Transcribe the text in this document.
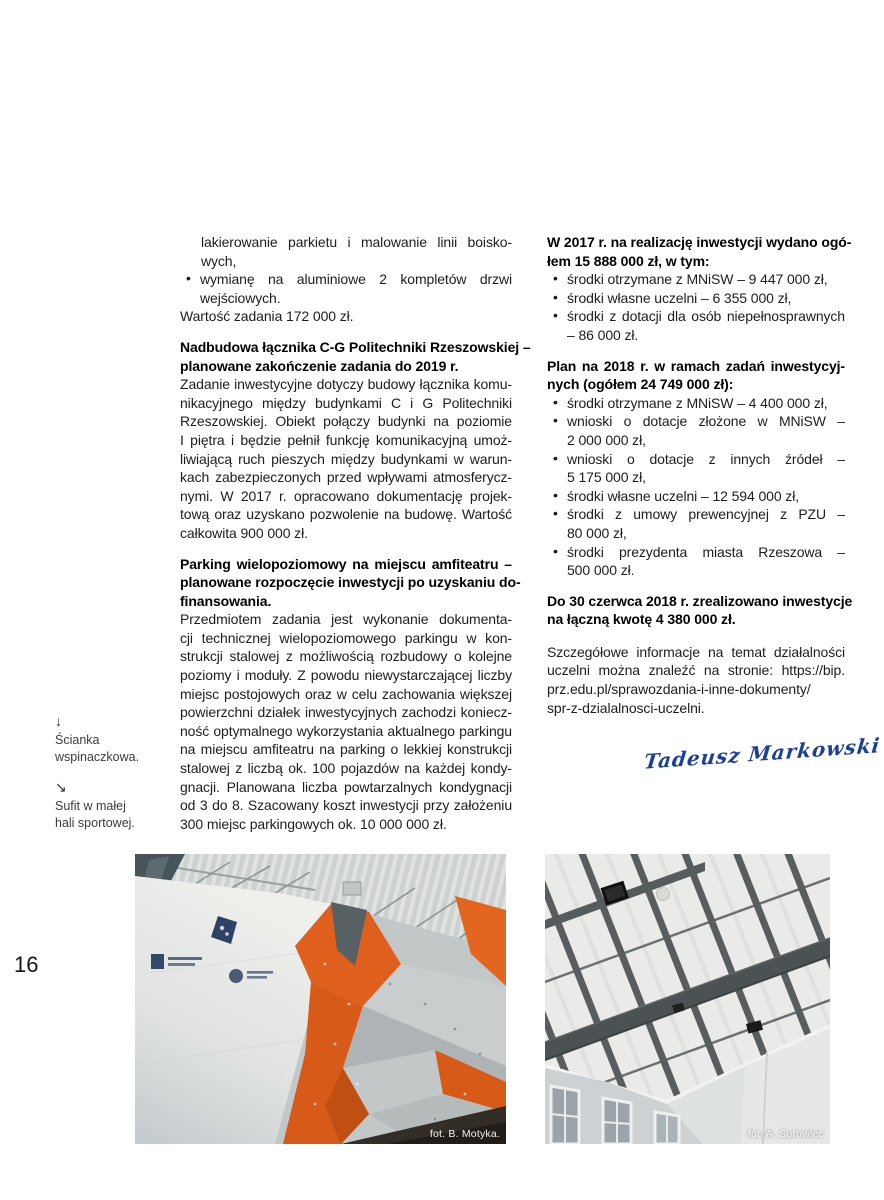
↓
Ścianka
wspinaczkowa.
↘
Sufit w małej
hali sportowej.
16
lakierowanie parkietu i malowanie linii boisko-
wych,
• wymianę na aluminiowe 2 kompletów drzwi
wejściowych.
Wartość zadania 172 000 zł.
Nadbudowa łącznika C-G Politechniki Rzeszowskiej –
planowane zakończenie zadania do 2019 r.
Zadanie inwestycyjne dotyczy budowy łącznika komu-
nikacyjnego między budynkami C i G Politechniki
Rzeszowskiej. Obiekt połączy budynki na poziomie
I piętra i będzie pełnił funkcję komunikacyjną umoż-
liwiającą ruch pieszych między budynkami w warun-
kach zabezpieczonych przed wpływami atmosferycz-
nymi. W 2017 r. opracowano dokumentację projek-
tową oraz uzyskano pozwolenie na budowę. Wartość
całkowita 900 000 zł.
Parking wielopoziomowy na miejscu amfiteatru –
planowane rozpoczęcie inwestycji po uzyskaniu do-
finansowania.
Przedmiotem zadania jest wykonanie dokumenta-
cji technicznej wielopoziomowego parkingu w kon-
strukcji stalowej z możliwością rozbudowy o kolejne
poziomy i moduły. Z powodu niewystarczającej liczby
miejsc postojowych oraz w celu zachowania większej
powierzchni działek inwestycyjnych zachodzi koniecz-
ność optymalnego wykorzystania aktualnego parkingu
na miejscu amfiteatru na parking o lekkiej konstrukcji
stalowej z liczbą ok. 100 pojazdów na każdej kondy-
gnacji. Planowana liczba powtarzalnych kondygnacji
od 3 do 8. Szacowany koszt inwestycji przy założeniu
300 miejsc parkingowych ok. 10 000 000 zł.
W 2017 r. na realizację inwestycji wydano ogó-
łem 15 888 000 zł, w tym:
• środki otrzymane z MNiSW – 9 447 000 zł,
• środki własne uczelni – 6 355 000 zł,
• środki z dotacji dla osób niepełnosprawnych
– 86 000 zł.
Plan na 2018 r. w ramach zadań inwestycyj-
nych (ogółem 24 749 000 zł):
• środki otrzymane z MNiSW – 4 400 000 zł,
• wnioski o dotacje złożone w MNiSW –
2 000 000 zł,
• wnioski o dotacje z innych źródeł –
5 175 000 zł,
• środki własne uczelni – 12 594 000 zł,
• środki z umowy prewencyjnej z PZU –
80 000 zł,
• środki prezydenta miasta Rzeszowa –
500 000 zł.
Do 30 czerwca 2018 r. zrealizowano inwestycje
na łączną kwotę 4 380 000 zł.
Szczegółowe informacje na temat działalności
uczelni można znaleźć na stronie: https://bip.
prz.edu.pl/sprawozdania-i-inne-dokumenty/
spr-z-dzialalnosci-uczelni.
Tadeusz Markowski
fot. B. Motyka.	fot. A. Surowiec
